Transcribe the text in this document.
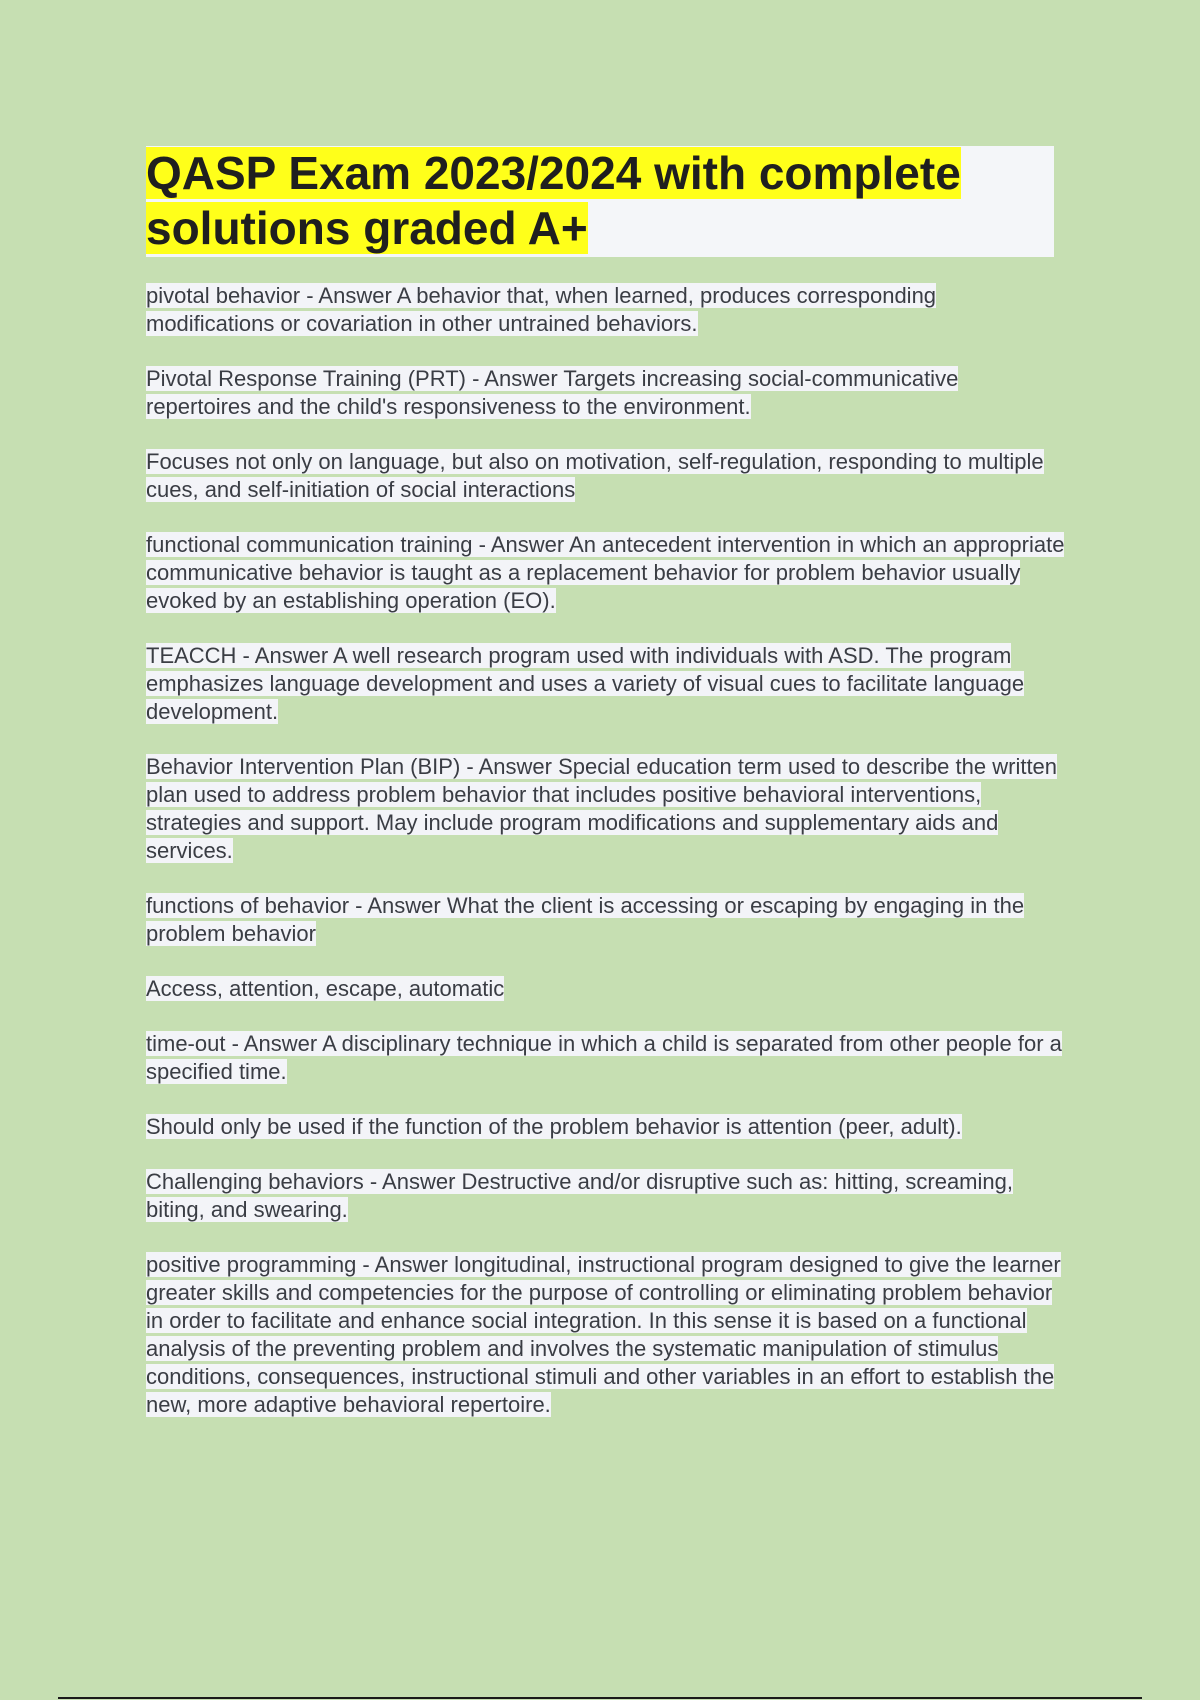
QASP Exam 2023/2024 with complete solutions graded A+

pivotal behavior - Answer A behavior that, when learned, produces corresponding modifications or covariation in other untrained behaviors.

Pivotal Response Training (PRT) - Answer Targets increasing social-communicative repertoires and the child's responsiveness to the environment.

Focuses not only on language, but also on motivation, self-regulation, responding to multiple cues, and self-initiation of social interactions

functional communication training - Answer An antecedent intervention in which an appropriate communicative behavior is taught as a replacement behavior for problem behavior usually evoked by an establishing operation (EO).

TEACCH - Answer A well research program used with individuals with ASD. The program emphasizes language development and uses a variety of visual cues to facilitate language development.

Behavior Intervention Plan (BIP) - Answer Special education term used to describe the written plan used to address problem behavior that includes positive behavioral interventions, strategies and support. May include program modifications and supplementary aids and services.

functions of behavior - Answer What the client is accessing or escaping by engaging in the problem behavior

Access, attention, escape, automatic

time-out - Answer A disciplinary technique in which a child is separated from other people for a specified time.

Should only be used if the function of the problem behavior is attention (peer, adult).

Challenging behaviors - Answer Destructive and/or disruptive such as: hitting, screaming, biting, and swearing.

positive programming - Answer longitudinal, instructional program designed to give the learner greater skills and competencies for the purpose of controlling or eliminating problem behavior in order to facilitate and enhance social integration. In this sense it is based on a functional analysis of the preventing problem and involves the systematic manipulation of stimulus conditions, consequences, instructional stimuli and other variables in an effort to establish the new, more adaptive behavioral repertoire.
